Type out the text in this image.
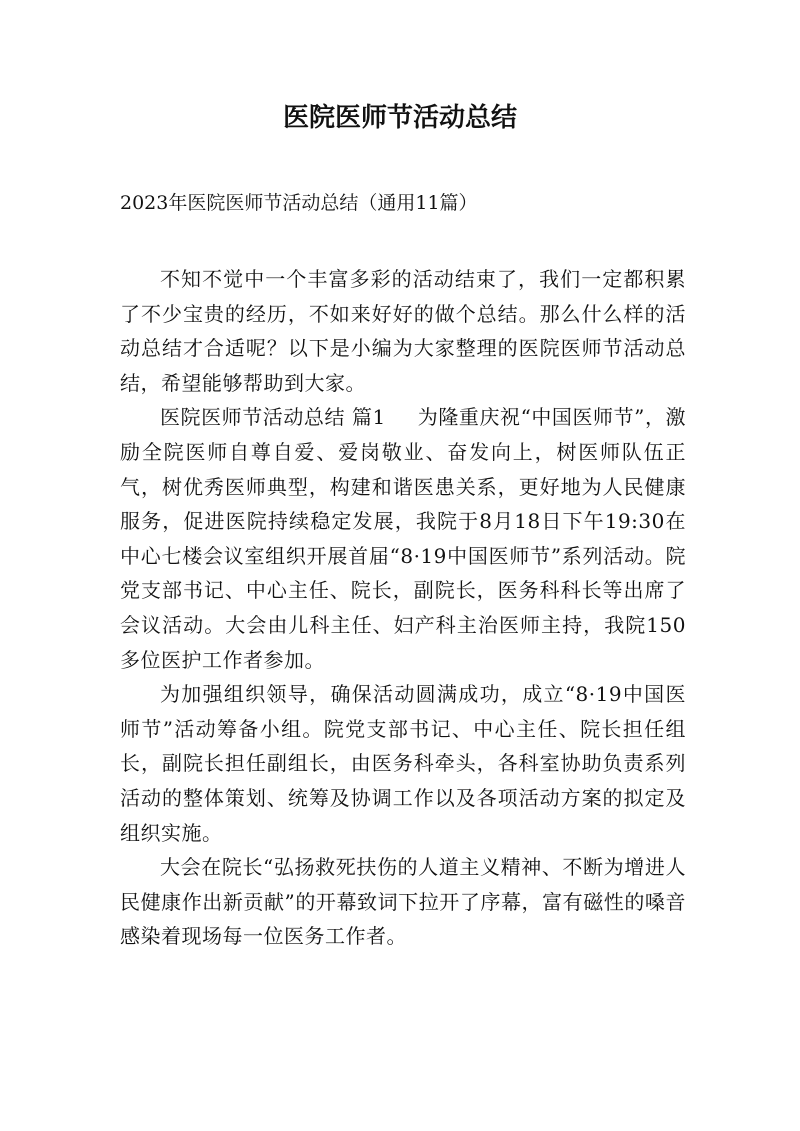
医院医师节活动总结

2023年医院医师节活动总结（通用11篇）

不知不觉中一个丰富多彩的活动结束了，我们一定都积累了不少宝贵的经历，不如来好好的做个总结。那么什么样的活动总结才合适呢？以下是小编为大家整理的医院医师节活动总结，希望能够帮助到大家。

医院医师节活动总结 篇1 为隆重庆祝“中国医师节”，激励全院医师自尊自爱、爱岗敬业、奋发向上，树医师队伍正气，树优秀医师典型，构建和谐医患关系，更好地为人民健康服务，促进医院持续稳定发展，我院于8月18日下午19:30在中心七楼会议室组织开展首届“8·19中国医师节”系列活动。院党支部书记、中心主任、院长，副院长，医务科科长等出席了会议活动。大会由儿科主任、妇产科主治医师主持，我院150多位医护工作者参加。

为加强组织领导，确保活动圆满成功，成立“8·19中国医师节”活动筹备小组。院党支部书记、中心主任、院长担任组长，副院长担任副组长，由医务科牵头，各科室协助负责系列活动的整体策划、统筹及协调工作以及各项活动方案的拟定及组织实施。

大会在院长“弘扬救死扶伤的人道主义精神、不断为增进人民健康作出新贡献”的开幕致词下拉开了序幕，富有磁性的嗓音感染着现场每一位医务工作者。
